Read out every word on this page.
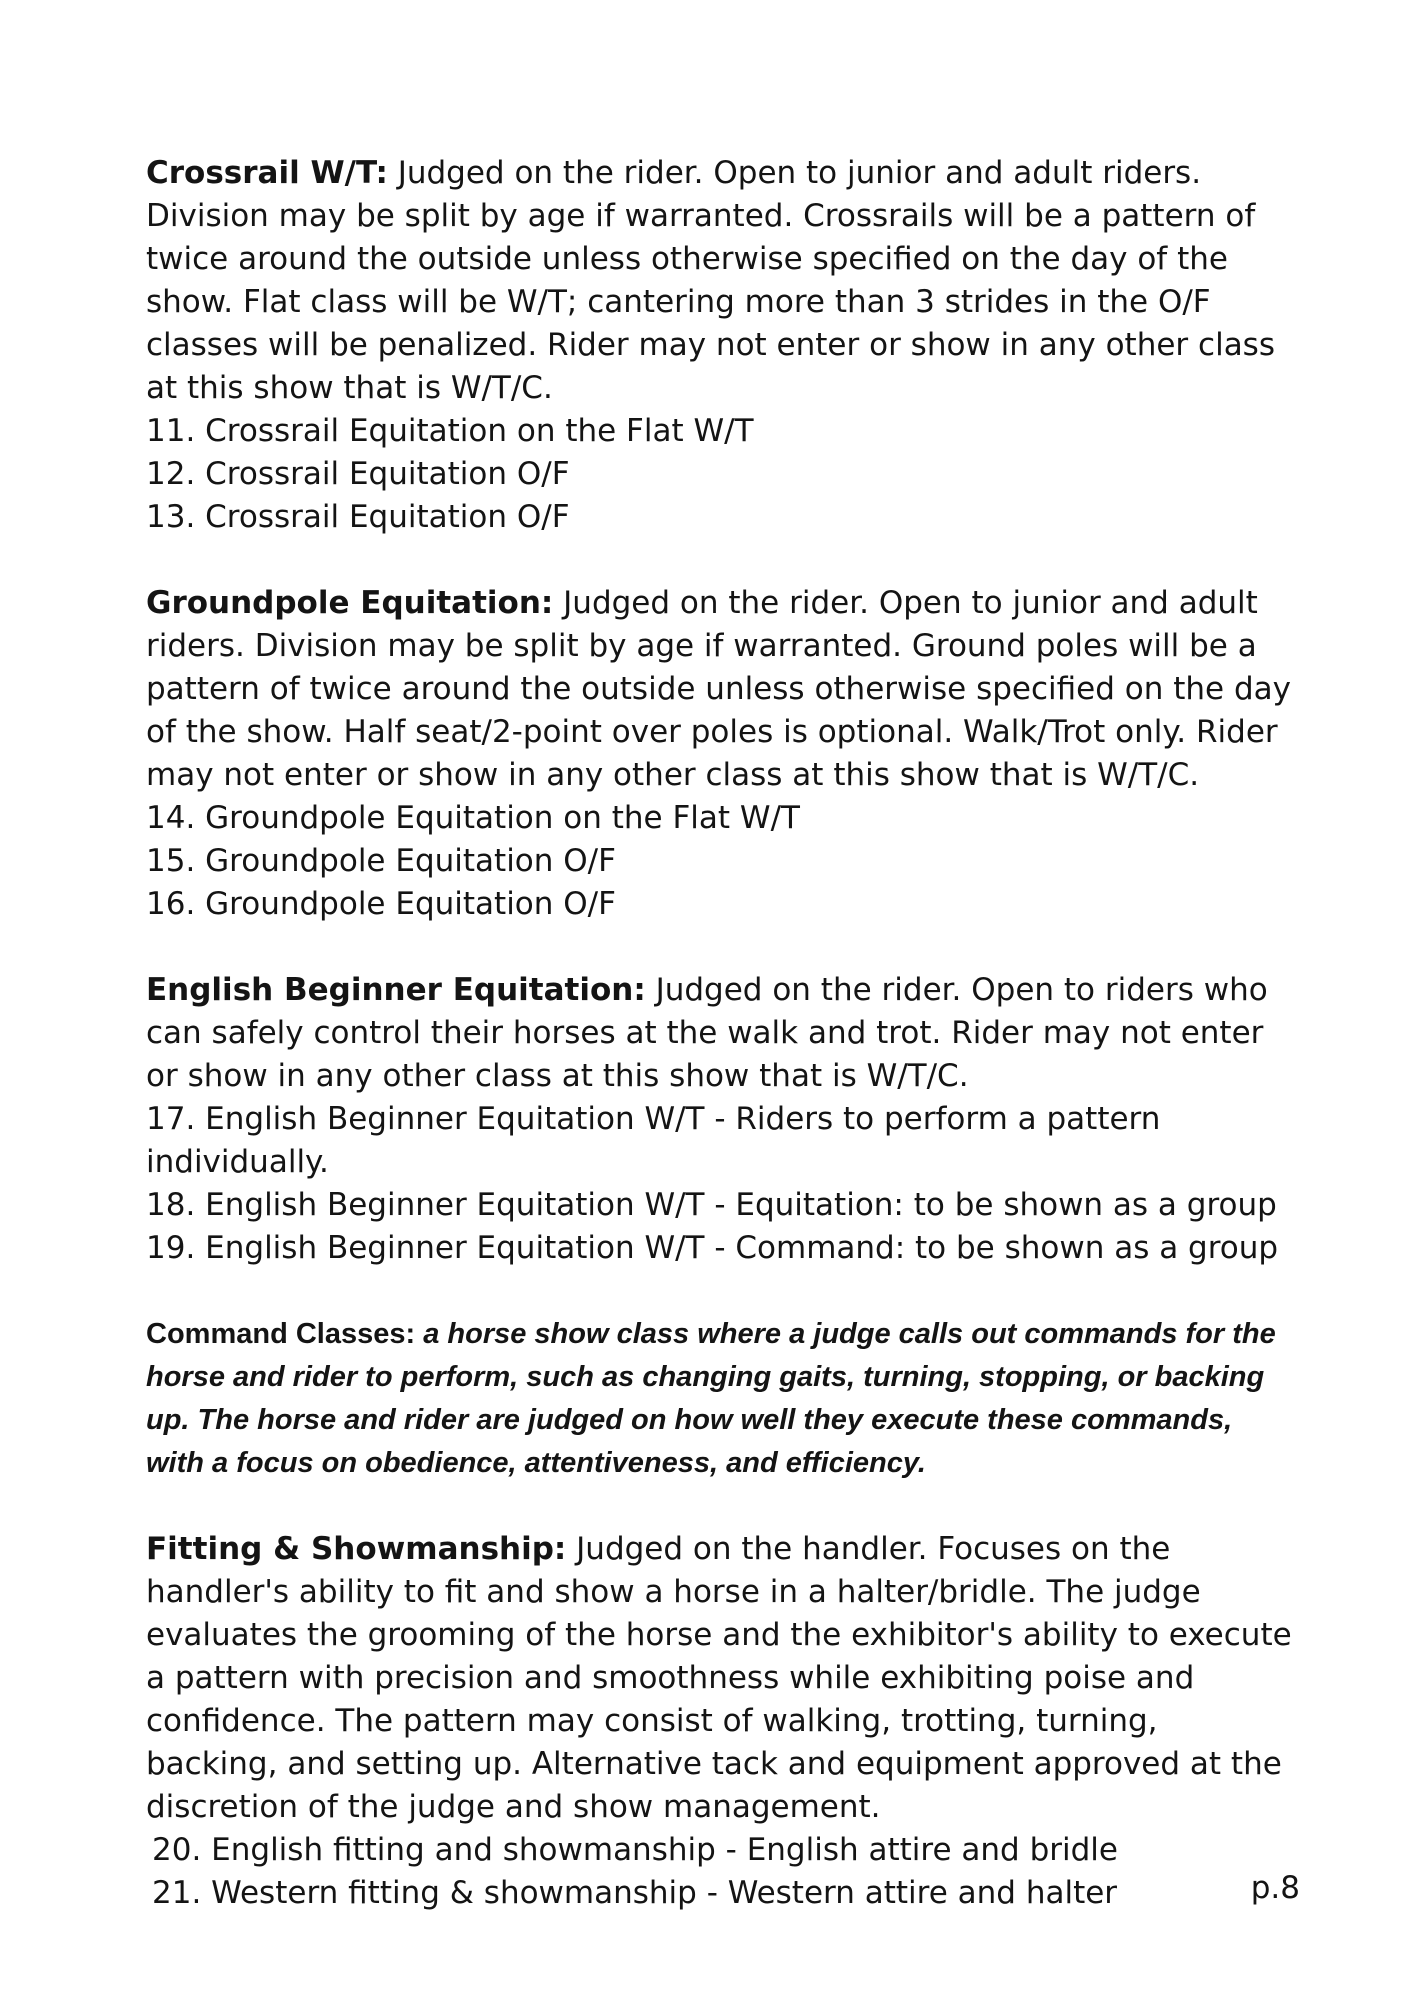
Crossrail W/T: Judged on the rider. Open to junior and adult riders. Division may be split by age if warranted. Crossrails will be a pattern of twice around the outside unless otherwise specified on the day of the show. Flat class will be W/T; cantering more than 3 strides in the O/F classes will be penalized. Rider may not enter or show in any other class at this show that is W/T/C.

11. Crossrail Equitation on the Flat W/T

12. Crossrail Equitation O/F

13. Crossrail Equitation O/F

Groundpole Equitation: Judged on the rider. Open to junior and adult riders. Division may be split by age if warranted. Ground poles will be a pattern of twice around the outside unless otherwise specified on the day of the show. Half seat/2-point over poles is optional. Walk/Trot only. Rider may not enter or show in any other class at this show that is W/T/C.

14. Groundpole Equitation on the Flat W/T

15. Groundpole Equitation O/F

16. Groundpole Equitation O/F

English Beginner Equitation: Judged on the rider. Open to riders who can safely control their horses at the walk and trot. Rider may not enter or show in any other class at this show that is W/T/C.

17. English Beginner Equitation W/T - Riders to perform a pattern individually.

18. English Beginner Equitation W/T - Equitation: to be shown as a group

19. English Beginner Equitation W/T - Command: to be shown as a group

Command Classes: a horse show class where a judge calls out commands for the horse and rider to perform, such as changing gaits, turning, stopping, or backing up. The horse and rider are judged on how well they execute these commands, with a focus on obedience, attentiveness, and efficiency.

Fitting & Showmanship: Judged on the handler. Focuses on the handler's ability to fit and show a horse in a halter/bridle. The judge evaluates the grooming of the horse and the exhibitor's ability to execute a pattern with precision and smoothness while exhibiting poise and confidence. The pattern may consist of walking, trotting, turning, backing, and setting up. Alternative tack and equipment approved at the discretion of the judge and show management.

20. English fitting and showmanship - English attire and bridle

21. Western fitting & showmanship - Western attire and halter	p.8
